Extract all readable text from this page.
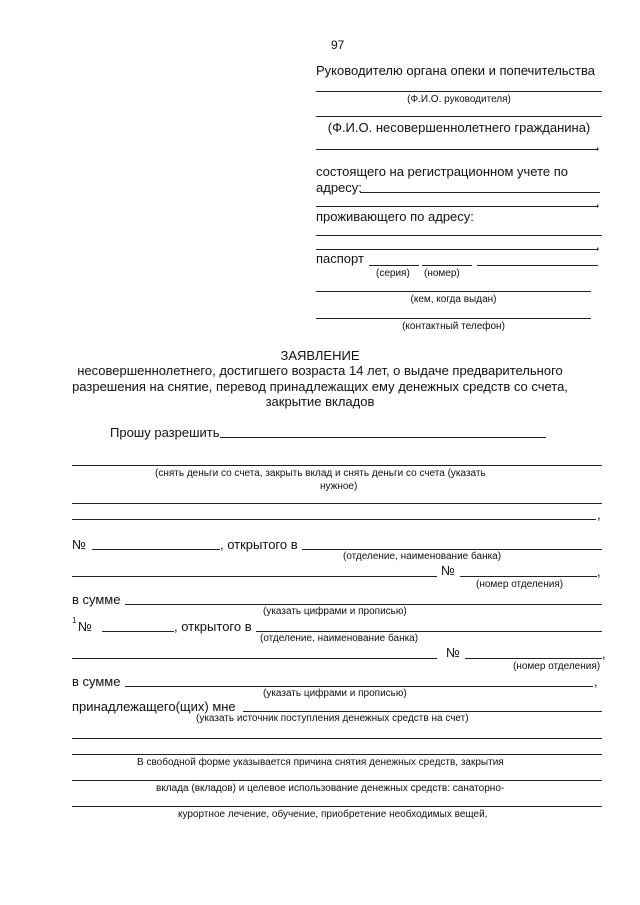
97
Руководителю органа опеки и попечительства
(Ф.И.О. руководителя)
(Ф.И.О. несовершеннолетнего гражданина)
,
состоящего на регистрационном учете по
адресу:
,
проживающего по адресу:
,
паспорт
(серия) (номер)
(кем, когда выдан)
(контактный телефон)
ЗАЯВЛЕНИЕ
несовершеннолетнего, достигшего возраста 14 лет, о выдаче предварительного
разрешения на снятие, перевод принадлежащих ему денежных средств со счета,
закрытие вкладов
Прошу разрешить
(снять деньги со счета, закрыть вклад и снять деньги со счета (указать
нужное)
,
№	, открытого в
(отделение, наименование банка)
№	,
(номер отделения)
в сумме
(указать цифрами и прописью)
1 №	, открытого в
(отделение, наименование банка)
№	,
(номер отделения)
в сумме	,
(указать цифрами и прописью)
принадлежащего(щих) мне
(указать источник поступления денежных средств на счет)
В свободной форме указывается причина снятия денежных средств, закрытия
вклада (вкладов) и целевое использование денежных средств: санаторно-
курортное лечение, обучение, приобретение необходимых вещей,
